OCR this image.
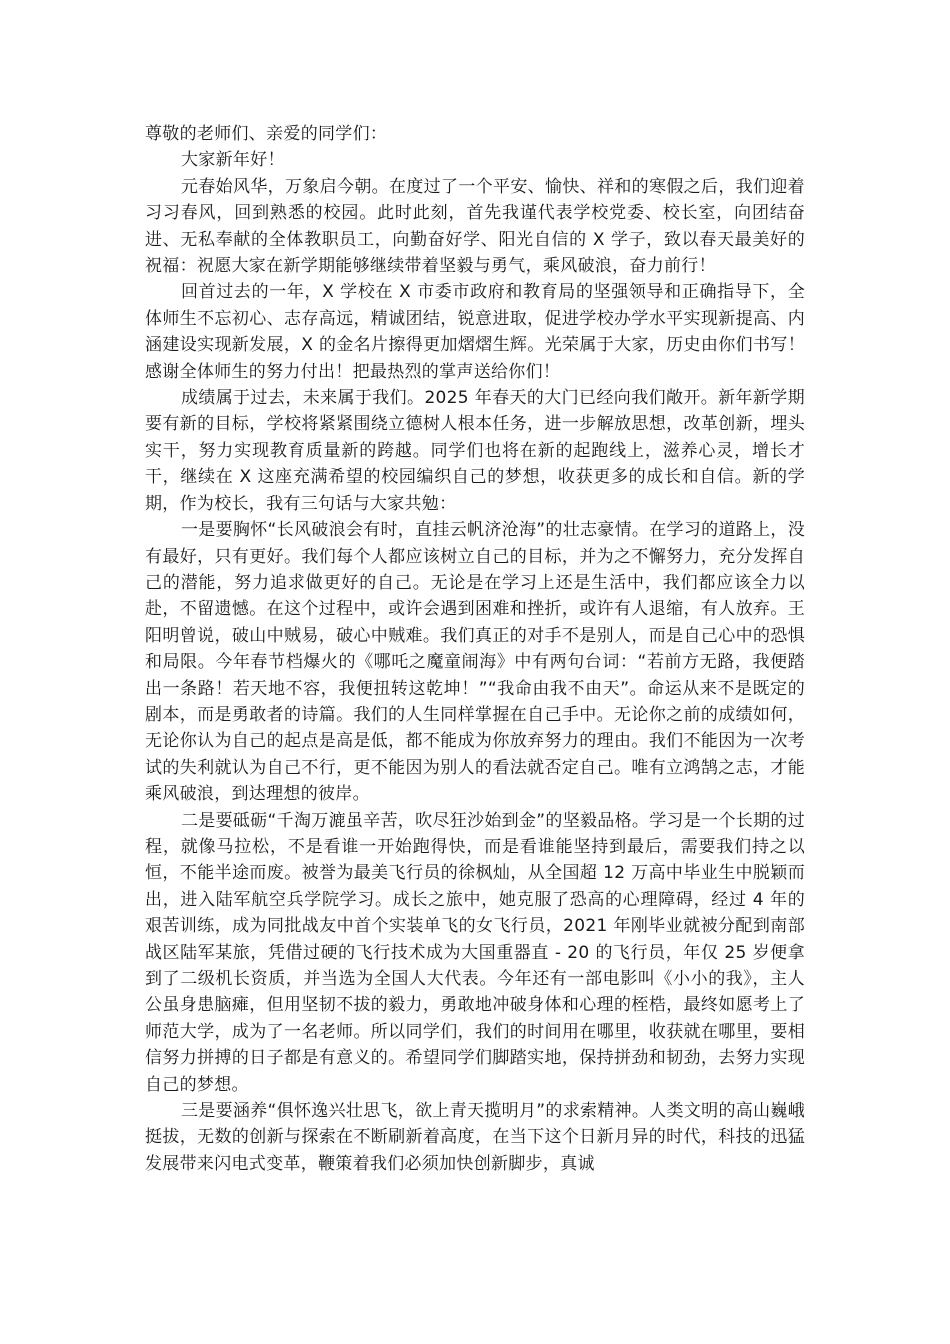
尊敬的老师们、亲爱的同学们：

大家新年好！

元春始风华，万象启今朝。在度过了一个平安、愉快、祥和的寒假之后，我们迎着习习春风，回到熟悉的校园。此时此刻，首先我谨代表学校党委、校长室，向团结奋进、无私奉献的全体教职员工，向勤奋好学、阳光自信的 X 学子，致以春天最美好的祝福：祝愿大家在新学期能够继续带着坚毅与勇气，乘风破浪，奋力前行！

回首过去的一年，X 学校在 X 市委市政府和教育局的坚强领导和正确指导下，全体师生不忘初心、志存高远，精诚团结，锐意进取，促进学校办学水平实现新提高、内涵建设实现新发展，X 的金名片擦得更加熠熠生辉。光荣属于大家，历史由你们书写！感谢全体师生的努力付出！把最热烈的掌声送给你们！

成绩属于过去，未来属于我们。2025 年春天的大门已经向我们敞开。新年新学期要有新的目标，学校将紧紧围绕立德树人根本任务，进一步解放思想，改革创新，埋头实干，努力实现教育质量新的跨越。同学们也将在新的起跑线上，滋养心灵，增长才干，继续在 X 这座充满希望的校园编织自己的梦想，收获更多的成长和自信。新的学期，作为校长，我有三句话与大家共勉：

一是要胸怀“长风破浪会有时，直挂云帆济沧海”的壮志豪情。在学习的道路上，没有最好，只有更好。我们每个人都应该树立自己的目标，并为之不懈努力，充分发挥自己的潜能，努力追求做更好的自己。无论是在学习上还是生活中，我们都应该全力以赴，不留遗憾。在这个过程中，或许会遇到困难和挫折，或许有人退缩，有人放弃。王阳明曾说，破山中贼易，破心中贼难。我们真正的对手不是别人，而是自己心中的恐惧和局限。今年春节档爆火的《哪吒之魔童闹海》中有两句台词：“若前方无路，我便踏出一条路！若天地不容，我便扭转这乾坤！”“我命由我不由天”。命运从来不是既定的剧本，而是勇敢者的诗篇。我们的人生同样掌握在自己手中。无论你之前的成绩如何，无论你认为自己的起点是高是低，都不能成为你放弃努力的理由。我们不能因为一次考试的失利就认为自己不行，更不能因为别人的看法就否定自己。唯有立鸿鹄之志，才能乘风破浪，到达理想的彼岸。

二是要砥砺“千淘万漉虽辛苦，吹尽狂沙始到金”的坚毅品格。学习是一个长期的过程，就像马拉松，不是看谁一开始跑得快，而是看谁能坚持到最后，需要我们持之以恒，不能半途而废。被誉为最美飞行员的徐枫灿，从全国超 12 万高中毕业生中脱颖而出，进入陆军航空兵学院学习。成长之旅中，她克服了恐高的心理障碍，经过 4 年的艰苦训练，成为同批战友中首个实装单飞的女飞行员，2021 年刚毕业就被分配到南部战区陆军某旅，凭借过硬的飞行技术成为大国重器直 - 20 的飞行员，年仅 25 岁便拿到了二级机长资质，并当选为全国人大代表。今年还有一部电影叫《小小的我》，主人公虽身患脑瘫，但用坚韧不拔的毅力，勇敢地冲破身体和心理的桎梏，最终如愿考上了师范大学，成为了一名老师。所以同学们，我们的时间用在哪里，收获就在哪里，要相信努力拼搏的日子都是有意义的。希望同学们脚踏实地，保持拼劲和韧劲，去努力实现自己的梦想。

三是要涵养“俱怀逸兴壮思飞，欲上青天揽明月”的求索精神。人类文明的高山巍峨挺拔，无数的创新与探索在不断刷新着高度，在当下这个日新月异的时代，科技的迅猛发展带来闪电式变革，鞭策着我们必须加快创新脚步，真诚
